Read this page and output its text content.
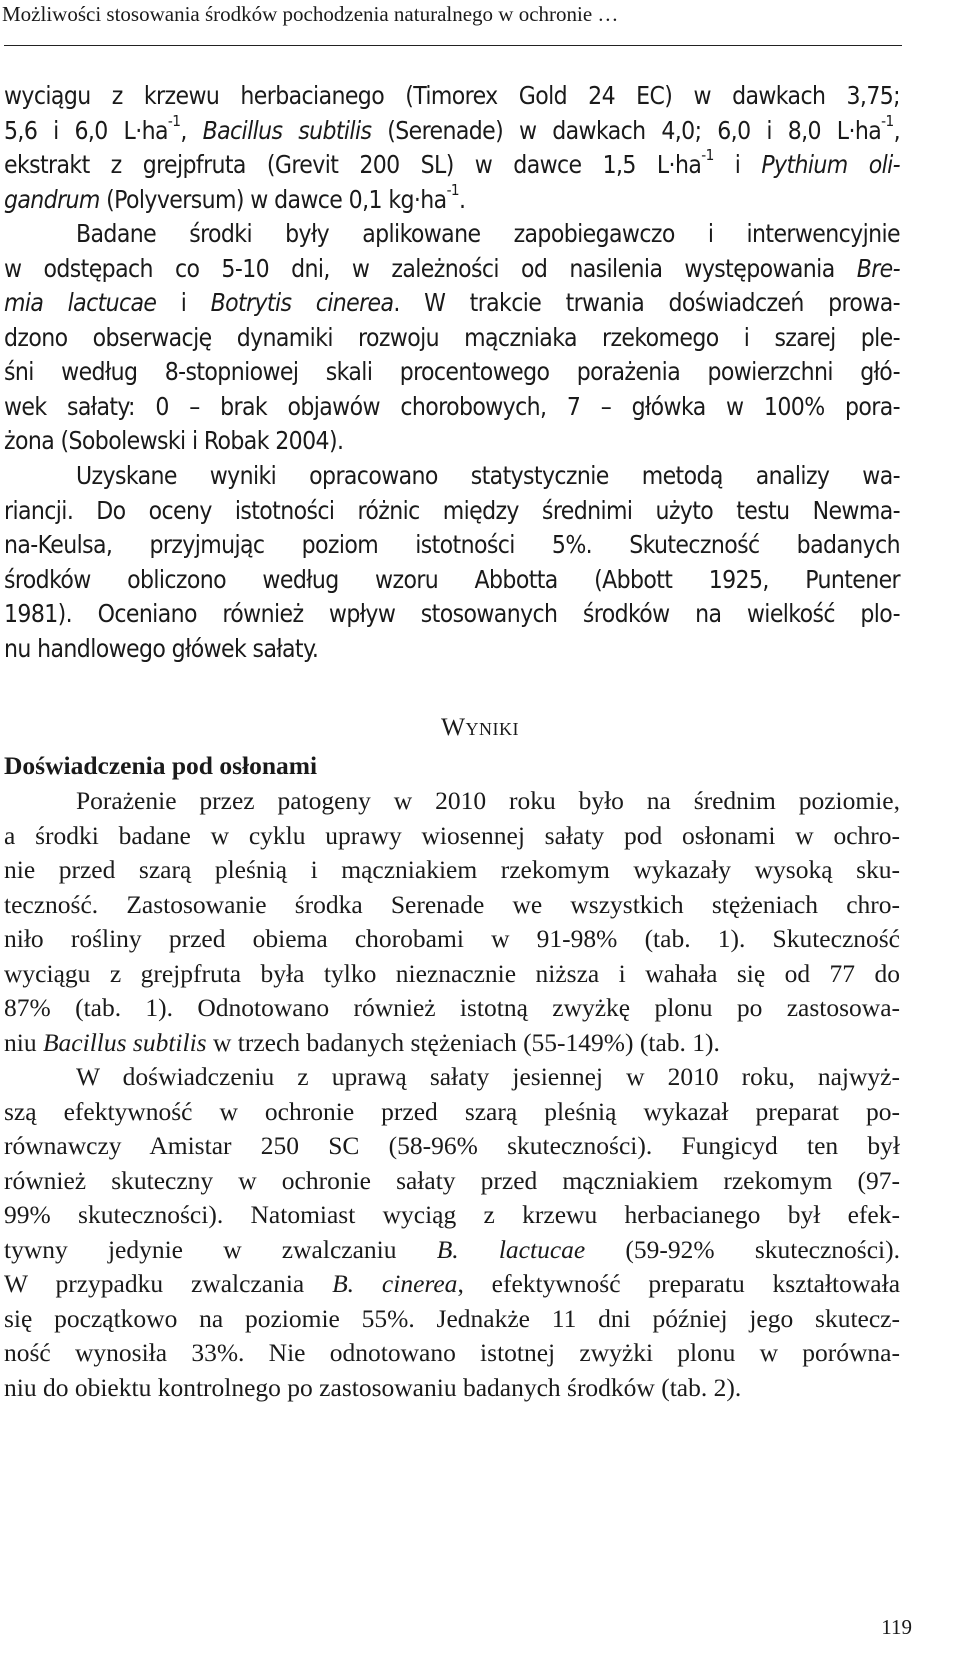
Możliwości stosowania środków pochodzenia naturalnego w ochronie …
wyciągu z krzewu herbacianego (Timorex Gold 24 EC) w dawkach 3,75;
5,6 i 6,0 $L\cdot ha^{-1}$, Bacillus subtilis (Serenade) w dawkach 4,0; 6,0 i 8,0 $L\cdot ha^{-1}$,
ekstrakt z grejpfruta (Grevit 200 SL) w dawce 1,5 $L\cdot ha^{-1}$ i Pythium oli-
gandrum (Polyversum) w dawce 0,1 $kg\cdot ha^{-1}$.
Badane środki były aplikowane zapobiegawczo i interwencyjnie
w odstępach co 5-10 dni, w zależności od nasilenia występowania Bre-
mia lactucae i Botrytis cinerea. W trakcie trwania doświadczeń prowa-
dzono obserwację dynamiki rozwoju mączniaka rzekomego i szarej ple-
śni według 8-stopniowej skali procentowego porażenia powierzchni głó-
wek sałaty: 0 – brak objawów chorobowych, 7 – główka w 100% pora-
żona (Sobolewski i Robak 2004).
Uzyskane wyniki opracowano statystycznie metodą analizy wa-
riancji. Do oceny istotności różnic między średnimi użyto testu Newma-
na-Keulsa, przyjmując poziom istotności 5%. Skuteczność badanych
środków obliczono według wzoru Abbotta (Abbott 1925, Puntener
1981). Oceniano również wpływ stosowanych środków na wielkość plo-
nu handlowego główek sałaty.
Wyniki
Doświadczenia pod osłonami
Porażenie przez patogeny w 2010 roku było na średnim poziomie,
a środki badane w cyklu uprawy wiosennej sałaty pod osłonami w ochro-
nie przed szarą pleśnią i mączniakiem rzekomym wykazały wysoką sku-
teczność. Zastosowanie środka Serenade we wszystkich stężeniach chro-
niło rośliny przed obiema chorobami w 91-98% (tab. 1). Skuteczność
wyciągu z grejpfruta była tylko nieznacznie niższa i wahała się od 77 do
87% (tab. 1). Odnotowano również istotną zwyżkę plonu po zastosowa-
niu Bacillus subtilis w trzech badanych stężeniach (55-149%) (tab. 1).
W doświadczeniu z uprawą sałaty jesiennej w 2010 roku, najwyż-
szą efektywność w ochronie przed szarą pleśnią wykazał preparat po-
równawczy Amistar 250 SC (58-96% skuteczności). Fungicyd ten był
również skuteczny w ochronie sałaty przed mączniakiem rzekomym (97-
99% skuteczności). Natomiast wyciąg z krzewu herbacianego był efek-
tywny jedynie w zwalczaniu B. lactucae (59-92% skuteczności).
W przypadku zwalczania B. cinerea, efektywność preparatu kształtowała
się początkowo na poziomie 55%. Jednakże 11 dni później jego skutecz-
ność wynosiła 33%. Nie odnotowano istotnej zwyżki plonu w porówna-
niu do obiektu kontrolnego po zastosowaniu badanych środków (tab. 2).
119
